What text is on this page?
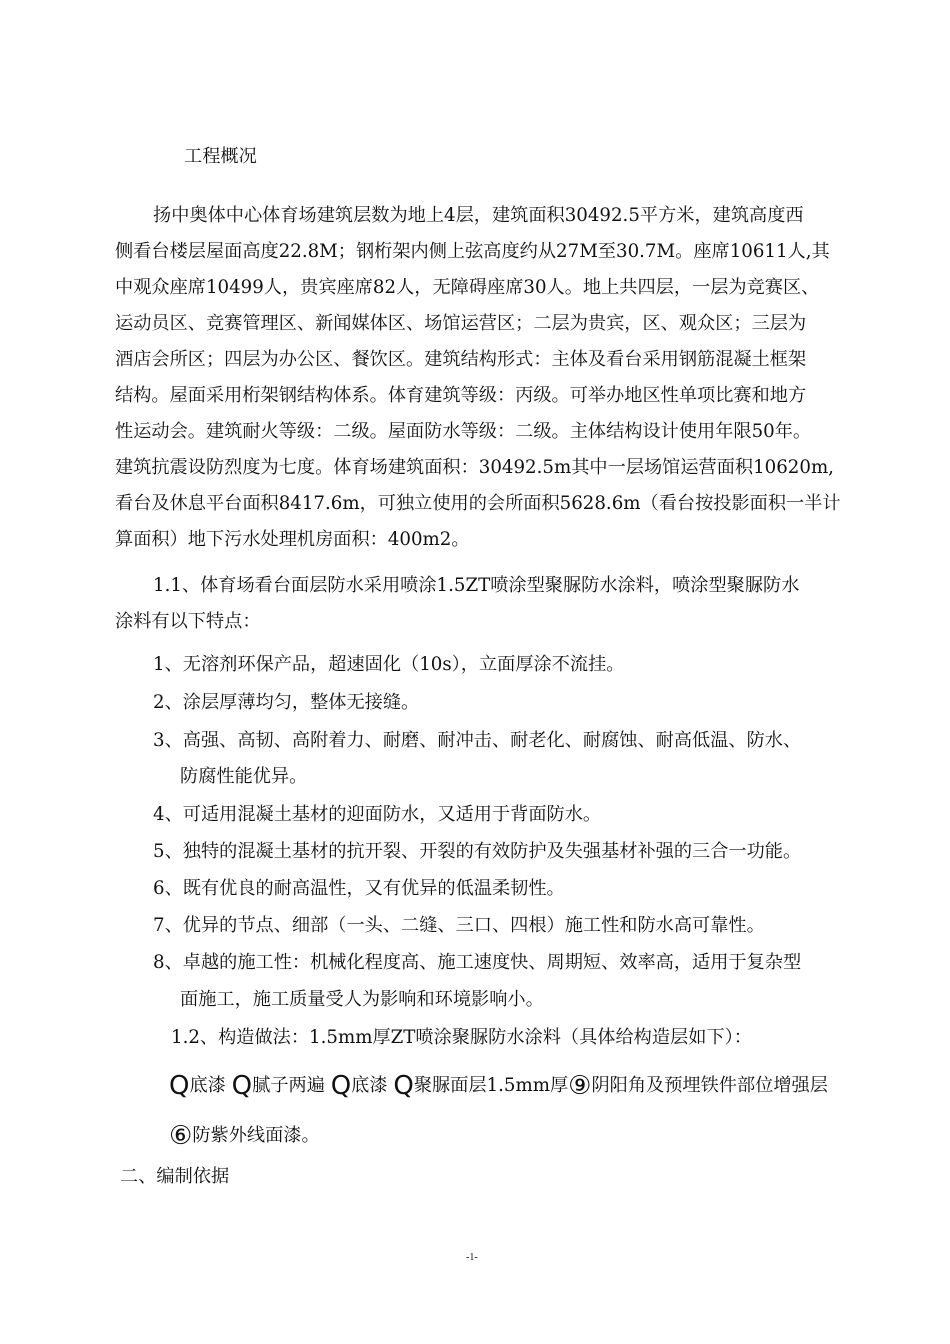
工程概况
扬中奥体中心体育场建筑层数为地上4层，建筑面积30492.5平方米，建筑高度西
侧看台楼层屋面高度22.8M；钢桁架内侧上弦高度约从27M至30.7M。座席10611人,其
中观众座席10499人，贵宾座席82人，无障碍座席30人。地上共四层，一层为竞赛区、
运动员区、竞赛管理区、新闻媒体区、场馆运营区；二层为贵宾，区、观众区；三层为
酒店会所区；四层为办公区、餐饮区。建筑结构形式：主体及看台采用钢筋混凝土框架
结构。屋面采用桁架钢结构体系。体育建筑等级：丙级。可举办地区性单项比赛和地方
性运动会。建筑耐火等级：二级。屋面防水等级：二级。主体结构设计使用年限50年。
建筑抗震设防烈度为七度。体育场建筑面积：30492.5m其中一层场馆运营面积10620m,
看台及休息平台面积8417.6m，可独立使用的会所面积5628.6m（看台按投影面积一半计
算面积）地下污水处理机房面积：400m2。
1.1、体育场看台面层防水采用喷涂1.5ZT喷涂型聚脲防水涂料，喷涂型聚脲防水
涂料有以下特点：
1、无溶剂环保产品，超速固化（10s），立面厚涂不流挂。
2、涂层厚薄均匀，整体无接缝。
3、高强、高韧、高附着力、耐磨、耐冲击、耐老化、耐腐蚀、耐高低温、防水、
防腐性能优异。
4、可适用混凝土基材的迎面防水，又适用于背面防水。
5、独特的混凝土基材的抗开裂、开裂的有效防护及失强基材补强的三合一功能。
6、既有优良的耐高温性，又有优异的低温柔韧性。
7、优异的节点、细部（一头、二缝、三口、四根）施工性和防水高可靠性。
8、卓越的施工性：机械化程度高、施工速度快、周期短、效率高，适用于复杂型
面施工，施工质量受人为影响和环境影响小。
1.2、构造做法：1.5mm厚ZT喷涂聚脲防水涂料（具体给构造层如下）：
Q底漆 Q腻子两遍 Q底漆 Q聚脲面层1.5mm厚⑨阴阳角及预埋铁件部位增强层
⑥防紫外线面漆。
二、编制依据
-1-
